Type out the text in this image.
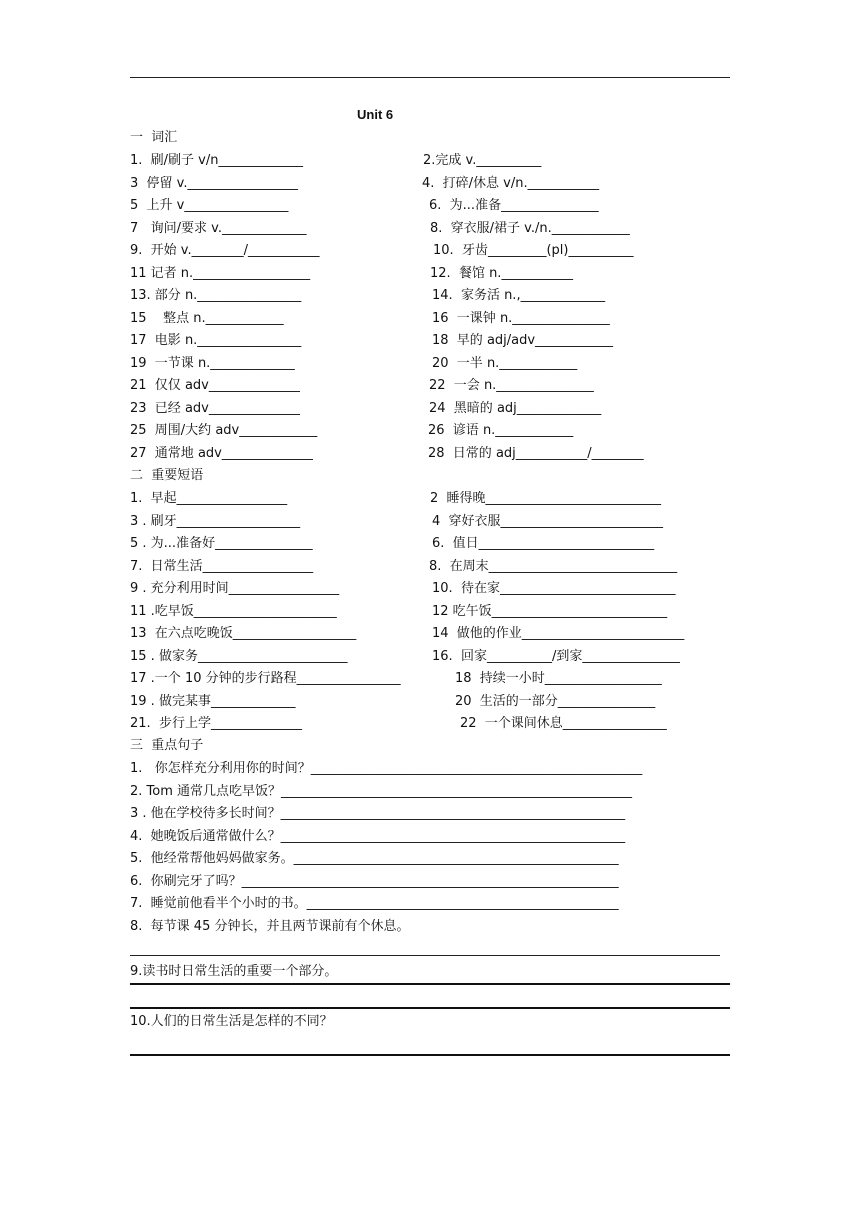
Unit 6
一  词汇
1.  刷/刷子 v/n_____________	2.完成 v.__________
3  停留 v._________________	4.  打碎/休息 v/n.___________
5  上升 v________________	6.  为...准备_______________
7   询问/要求 v._____________	8.  穿衣服/裙子 v./n.____________
9.  开始 v.________/___________	10.  牙齿_________(pl)__________
11 记者 n.__________________	12.  餐馆 n.___________
13. 部分 n.________________	14.  家务活 n.,_____________
15    整点 n.____________	16  一课钟 n._______________
17  电影 n.________________	18  早的 adj/adv____________
19  一节课 n._____________	20  一半 n.____________
21  仅仅 adv______________	22  一会 n._______________
23  已经 adv______________	24  黑暗的 adj_____________
25  周围/大约 adv____________	26  谚语 n.____________
27  通常地 adv______________	28  日常的 adj___________/________
二  重要短语
1.  早起_________________	2  睡得晚___________________________
3 . 刷牙___________________	4  穿好衣服_________________________
5 . 为...准备好_______________	6.  值日___________________________
7.  日常生活_________________	8.  在周末_____________________________
9 . 充分利用时间_________________	10.  待在家___________________________
11 .吃早饭______________________	12 吃午饭___________________________
13  在六点吃晚饭___________________	14  做他的作业_________________________
15 . 做家务_______________________	16.  回家__________/到家_______________
17 .一个 10 分钟的步行路程________________	18  持续一小时__________________
19 . 做完某事_____________	20  生活的一部分_______________
21.  步行上学______________	22  一个课间休息________________
三  重点句子
1.   你怎样充分利用你的时间？___________________________________________________
2. Tom 通常几点吃早饭？______________________________________________________
3 . 他在学校待多长时间？_____________________________________________________
4.  她晚饭后通常做什么？_____________________________________________________
5.  他经常帮他妈妈做家务。__________________________________________________
6.  你刷完牙了吗？__________________________________________________________
7.  睡觉前他看半个小时的书。________________________________________________
8.  每节课 45 分钟长，并且两节课前有个休息。
9.读书时日常生活的重要一个部分。
10.人们的日常生活是怎样的不同？
